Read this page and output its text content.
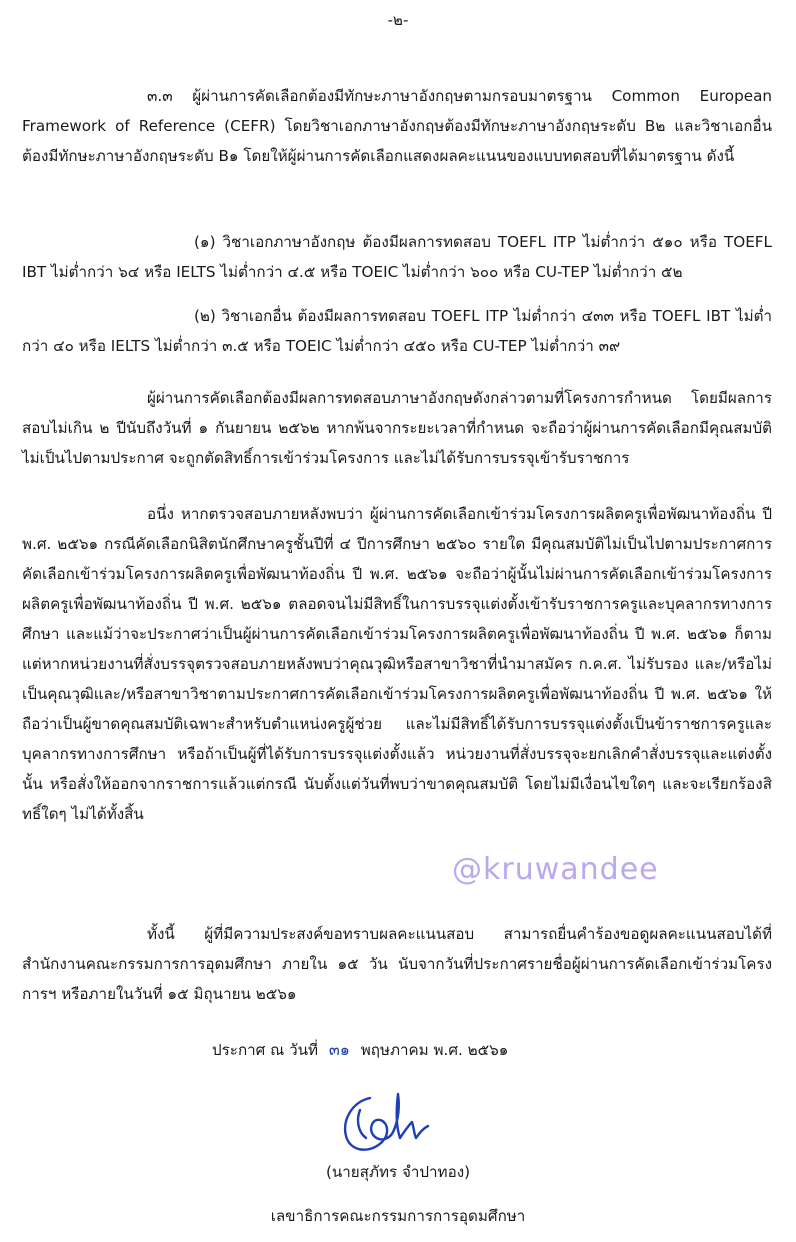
-๒-

๓.๓ ผู้ผ่านการคัดเลือกต้องมีทักษะภาษาอังกฤษตามกรอบมาตรฐาน Common European Framework of Reference (CEFR) โดยวิชาเอกภาษาอังกฤษต้องมีทักษะภาษาอังกฤษระดับ B๒ และวิชาเอกอื่นต้องมีทักษะภาษาอังกฤษระดับ B๑ โดยให้ผู้ผ่านการคัดเลือกแสดงผลคะแนนของแบบทดสอบที่ได้มาตรฐาน ดังนี้

(๑) วิชาเอกภาษาอังกฤษ ต้องมีผลการทดสอบ TOEFL ITP ไม่ต่ำกว่า ๕๑๐ หรือ TOEFL IBT ไม่ต่ำกว่า ๖๔ หรือ IELTS ไม่ต่ำกว่า ๔.๕ หรือ TOEIC ไม่ต่ำกว่า ๖๐๐ หรือ CU-TEP ไม่ต่ำกว่า ๕๒

(๒) วิชาเอกอื่น ต้องมีผลการทดสอบ TOEFL ITP ไม่ต่ำกว่า ๔๓๓ หรือ TOEFL IBT ไม่ต่ำกว่า ๔๐ หรือ IELTS ไม่ต่ำกว่า ๓.๕ หรือ TOEIC ไม่ต่ำกว่า ๔๕๐ หรือ CU-TEP ไม่ต่ำกว่า ๓๙

ผู้ผ่านการคัดเลือกต้องมีผลการทดสอบภาษาอังกฤษดังกล่าวตามที่โครงการกำหนด โดยมีผลการสอบไม่เกิน ๒ ปีนับถึงวันที่ ๑ กันยายน ๒๕๖๒ หากพ้นจากระยะเวลาที่กำหนด จะถือว่าผู้ผ่านการคัดเลือกมีคุณสมบัติไม่เป็นไปตามประกาศ จะถูกตัดสิทธิ์การเข้าร่วมโครงการ และไม่ได้รับการบรรจุเข้ารับราชการ

อนึ่ง หากตรวจสอบภายหลังพบว่า ผู้ผ่านการคัดเลือกเข้าร่วมโครงการผลิตครูเพื่อพัฒนาท้องถิ่น ปี พ.ศ. ๒๕๖๑ กรณีคัดเลือกนิสิตนักศึกษาครูชั้นปีที่ ๔ ปีการศึกษา ๒๕๖๐ รายใด มีคุณสมบัติไม่เป็นไปตามประกาศการคัดเลือกเข้าร่วมโครงการผลิตครูเพื่อพัฒนาท้องถิ่น ปี พ.ศ. ๒๕๖๑ จะถือว่าผู้นั้นไม่ผ่านการคัดเลือกเข้าร่วมโครงการผลิตครูเพื่อพัฒนาท้องถิ่น ปี พ.ศ. ๒๕๖๑ ตลอดจนไม่มีสิทธิ์ในการบรรจุแต่งตั้งเข้ารับราชการครูและบุคลากรทางการศึกษา และแม้ว่าจะประกาศว่าเป็นผู้ผ่านการคัดเลือกเข้าร่วมโครงการผลิตครูเพื่อพัฒนาท้องถิ่น ปี พ.ศ. ๒๕๖๑ ก็ตาม แต่หากหน่วยงานที่สั่งบรรจุตรวจสอบภายหลังพบว่าคุณวุฒิหรือสาขาวิชาที่นำมาสมัคร ก.ค.ศ. ไม่รับรอง และ/หรือไม่เป็นคุณวุฒิและ/หรือสาขาวิชาตามประกาศการคัดเลือกเข้าร่วมโครงการผลิตครูเพื่อพัฒนาท้องถิ่น ปี พ.ศ. ๒๕๖๑ ให้ถือว่าเป็นผู้ขาดคุณสมบัติเฉพาะสำหรับตำแหน่งครูผู้ช่วย และไม่มีสิทธิ์ได้รับการบรรจุแต่งตั้งเป็นข้าราชการครูและบุคลากรทางการศึกษา หรือถ้าเป็นผู้ที่ได้รับการบรรจุแต่งตั้งแล้ว หน่วยงานที่สั่งบรรจุจะยกเลิกคำสั่งบรรจุและแต่งตั้งนั้น หรือสั่งให้ออกจากราชการแล้วแต่กรณี นับตั้งแต่วันที่พบว่าขาดคุณสมบัติ โดยไม่มีเงื่อนไขใดๆ และจะเรียกร้องสิทธิ์ใดๆ ไม่ได้ทั้งสิ้น

ทั้งนี้ ผู้ที่มีความประสงค์ขอทราบผลคะแนนสอบ สามารถยื่นคำร้องขอดูผลคะแนนสอบได้ที่ สำนักงานคณะกรรมการการอุดมศึกษา ภายใน ๑๕ วัน นับจากวันที่ประกาศรายชื่อผู้ผ่านการคัดเลือกเข้าร่วมโครงการฯ หรือภายในวันที่ ๑๕ มิถุนายน ๒๕๖๑

@kruwandee
ประกาศ ณ วันที่ ๓๑ พฤษภาคม พ.ศ. ๒๕๖๑
(นายสุภัทร จำปาทอง)
เลขาธิการคณะกรรมการการอุดมศึกษา
